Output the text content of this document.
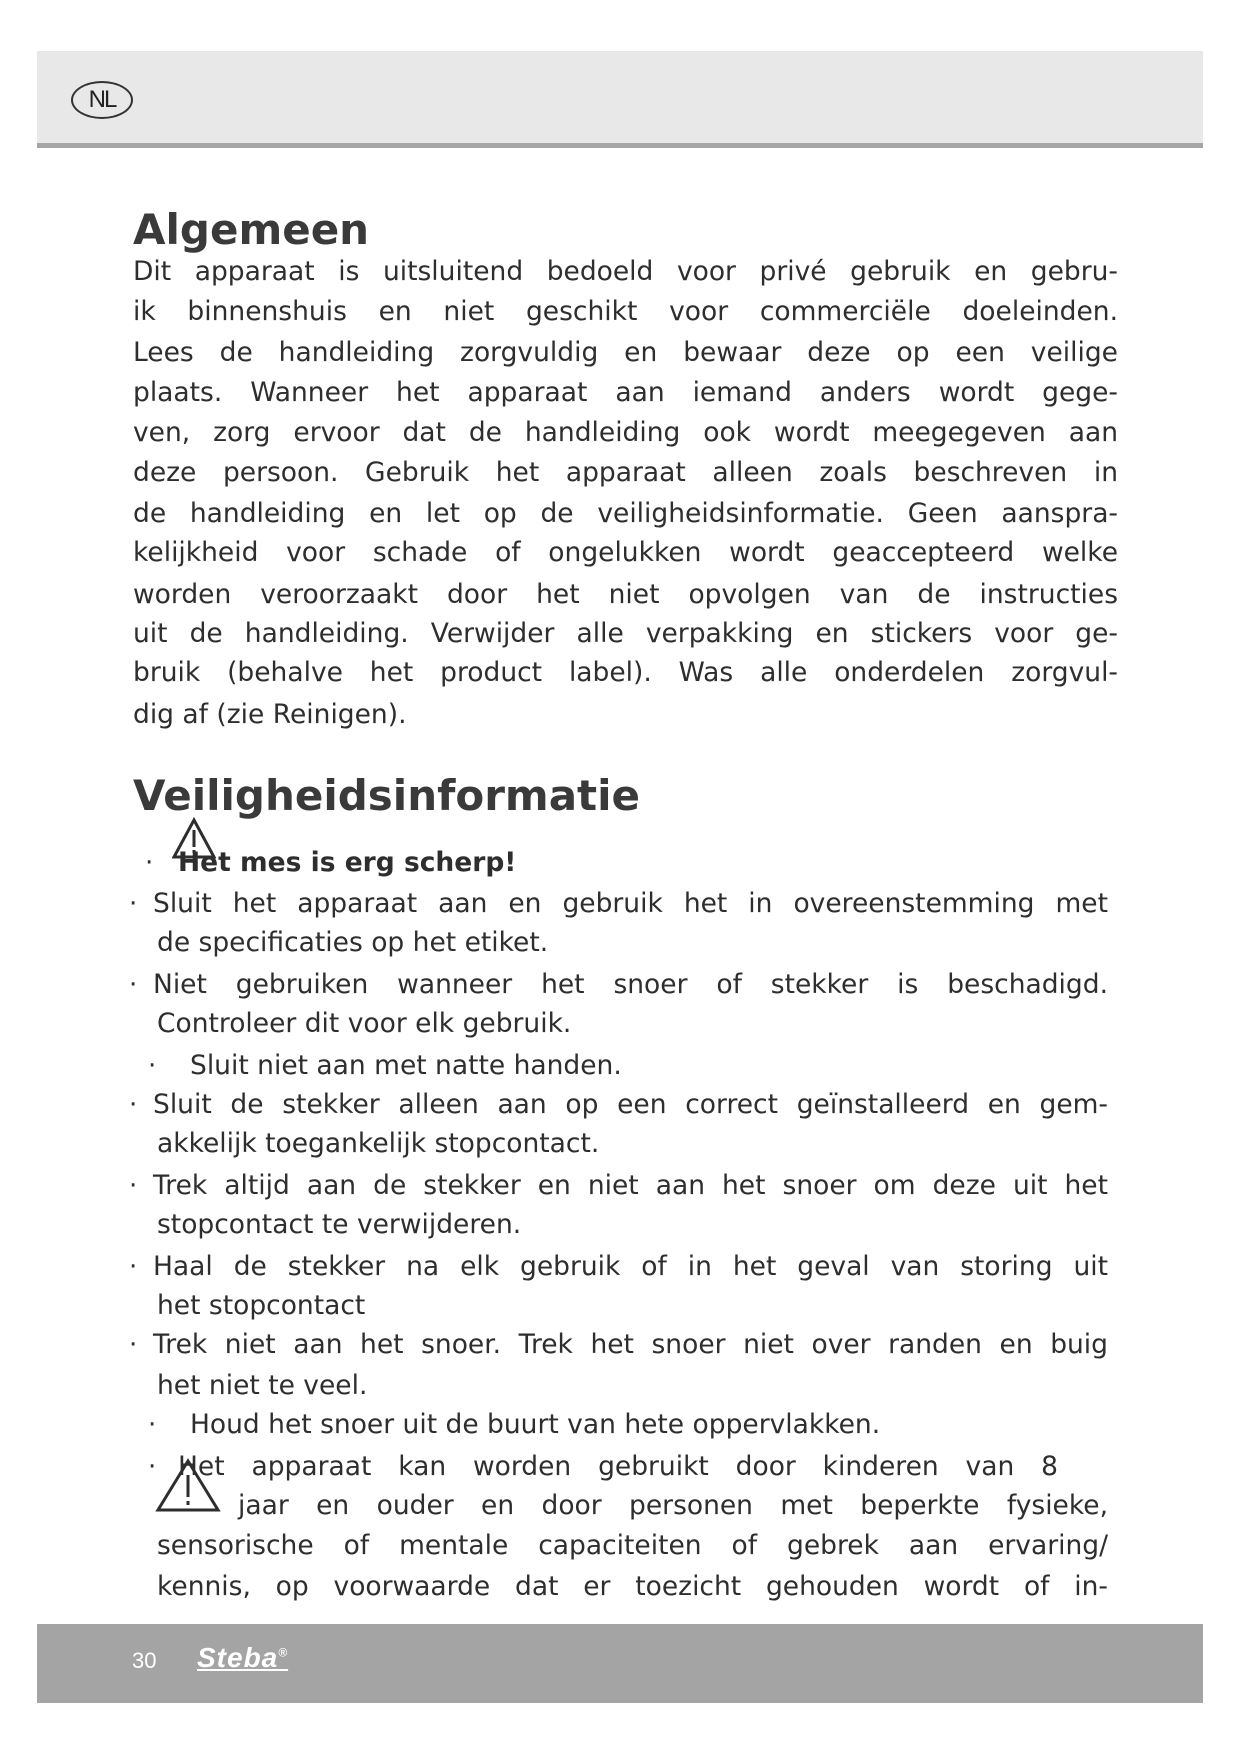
NL
Algemeen
Dit apparaat is uitsluitend bedoeld voor privé gebruik en gebru-
ik binnenshuis en niet geschikt voor commerciële doeleinden.
Lees de handleiding zorgvuldig en bewaar deze op een veilige
plaats. Wanneer het apparaat aan iemand anders wordt gege-
ven, zorg ervoor dat de handleiding ook wordt meegegeven aan
deze persoon. Gebruik het apparaat alleen zoals beschreven in
de handleiding en let op de veiligheidsinformatie. Geen aanspra-
kelijkheid voor schade of ongelukken wordt geaccepteerd welke
worden veroorzaakt door het niet opvolgen van de instructies
uit de handleiding. Verwijder alle verpakking en stickers voor ge-
bruik (behalve het product label). Was alle onderdelen zorgvul-
dig af (zie Reinigen).
Veiligheidsinformatie
· Het mes is erg scherp!
· Sluit het apparaat aan en gebruik het in overeenstemming met
de specificaties op het etiket.
· Niet gebruiken wanneer het snoer of stekker is beschadigd.
Controleer dit voor elk gebruik.
· Sluit niet aan met natte handen.
· Sluit de stekker alleen aan op een correct geïnstalleerd en gem-
akkelijk toegankelijk stopcontact.
· Trek altijd aan de stekker en niet aan het snoer om deze uit het
stopcontact te verwijderen.
· Haal de stekker na elk gebruik of in het geval van storing uit
het stopcontact
· Trek niet aan het snoer. Trek het snoer niet over randen en buig
het niet te veel.
· Houd het snoer uit de buurt van hete oppervlakken.
· Het apparaat kan worden gebruikt door kinderen van 8
jaar en ouder en door personen met beperkte fysieke,
sensorische of mentale capaciteiten of gebrek aan ervaring/
kennis, op voorwaarde dat er toezicht gehouden wordt of in-
30 Steba®
